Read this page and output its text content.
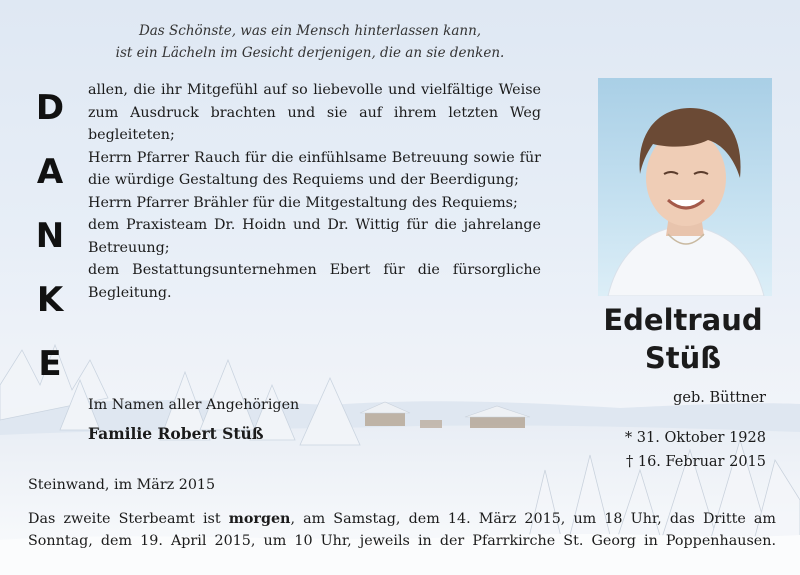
Das Schönste, was ein Mensch hinterlassen kann,
ist ein Lächeln im Gesicht derjenigen, die an sie denken.
D
A
N
K
E

allen, die ihr Mitgefühl auf so liebevolle und vielfältige Weise zum Ausdruck brachten und sie auf ihrem letzten Weg begleiteten;

Herrn Pfarrer Rauch für die einfühlsame Betreuung sowie für die würdige Gestaltung des Requiems und der Beerdigung;

Herrn Pfarrer Brähler für die Mitgestaltung des Requiems;

dem Praxisteam Dr. Hoidn und Dr. Wittig für die jahrelange Betreuung;

dem Bestattungsunternehmen Ebert für die fürsorgliche Begleitung.

Im Namen aller Angehörigen
Familie Robert Stüß
Edeltraud
Stüß
geb. Büttner
* 31. Oktober 1928
† 16. Februar 2015
Steinwand, im März 2015

Das zweite Sterbeamt ist morgen, am Samstag, dem 14. März 2015, um 18 Uhr, das Dritte am Sonntag, dem 19. April 2015, um 10 Uhr, jeweils in der Pfarrkirche St. Georg in Poppenhausen.
